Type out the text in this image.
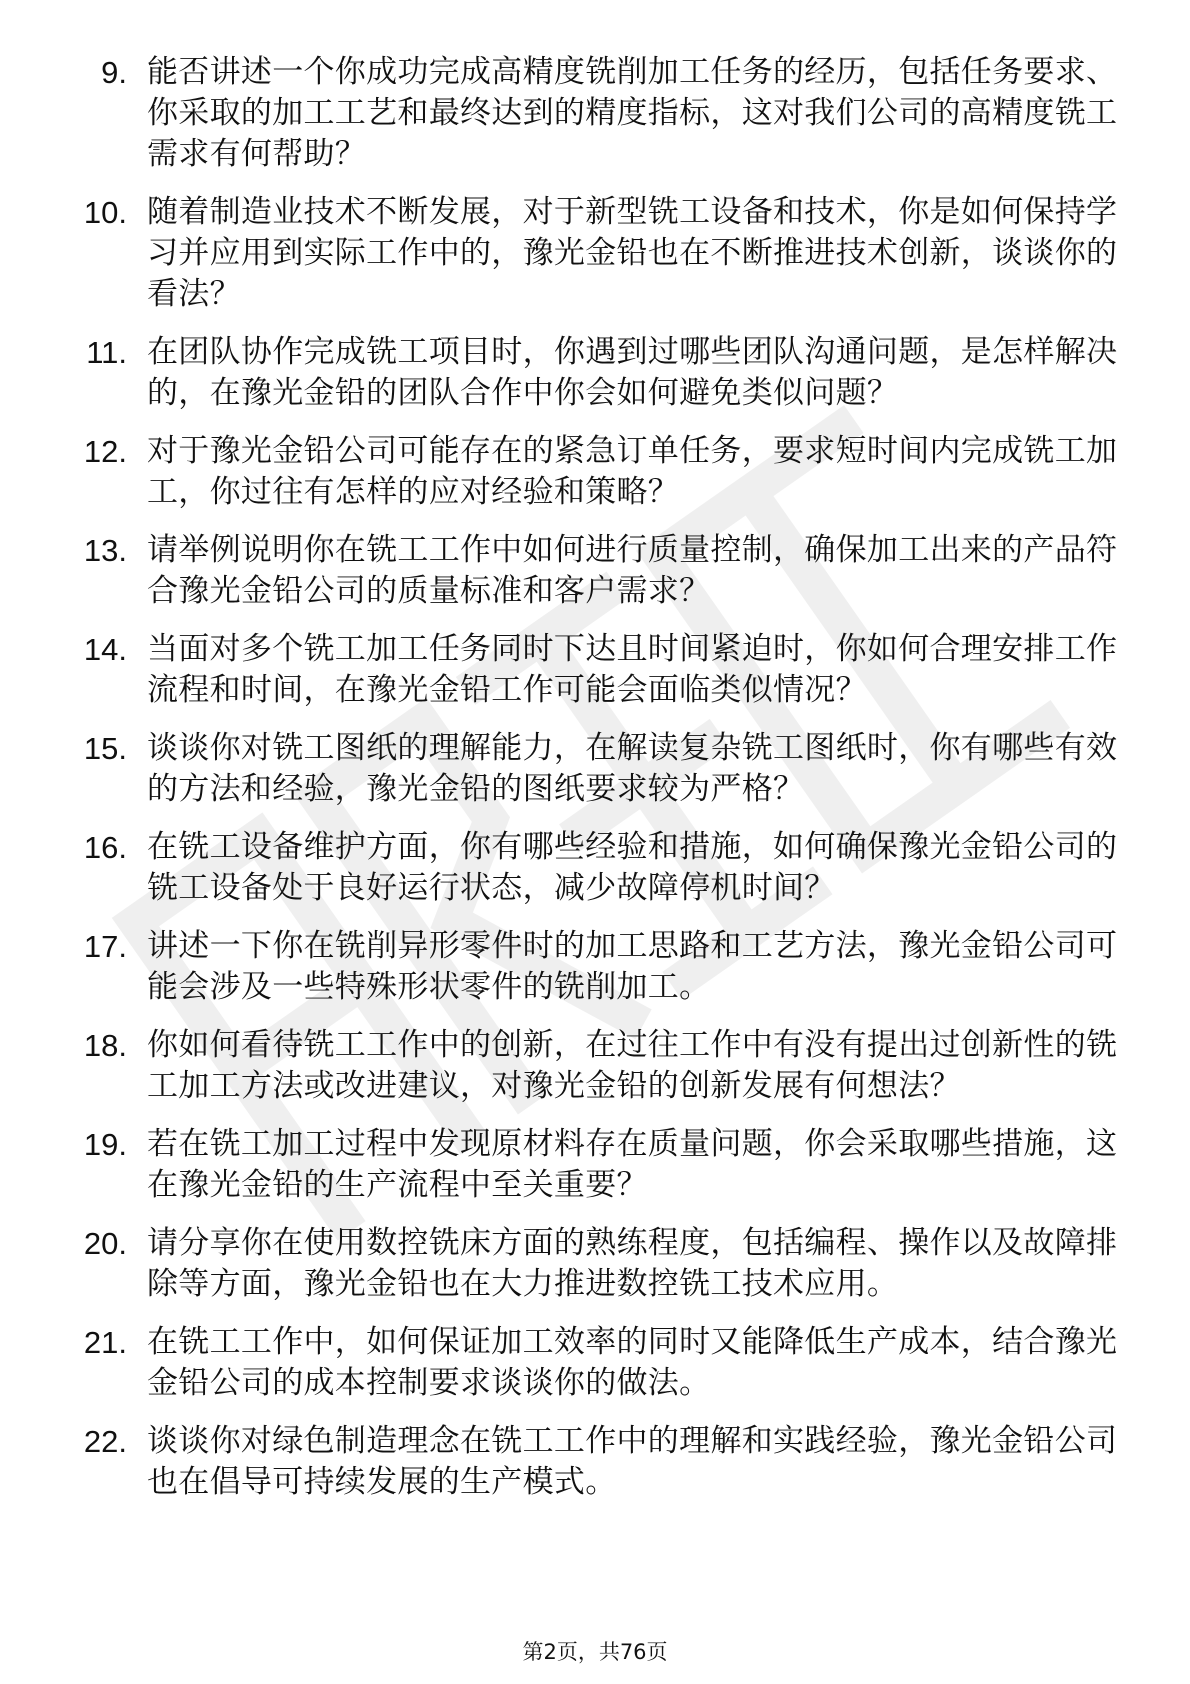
9. 能否讲述一个你成功完成高精度铣削加工任务的经历，包括任务要求、你采取的加工工艺和最终达到的精度指标，这对我们公司的高精度铣工需求有何帮助？
10. 随着制造业技术不断发展，对于新型铣工设备和技术，你是如何保持学习并应用到实际工作中的，豫光金铅也在不断推进技术创新，谈谈你的看法？
11. 在团队协作完成铣工项目时，你遇到过哪些团队沟通问题，是怎样解决的，在豫光金铅的团队合作中你会如何避免类似问题？
12. 对于豫光金铅公司可能存在的紧急订单任务，要求短时间内完成铣工加工，你过往有怎样的应对经验和策略？
13. 请举例说明你在铣工工作中如何进行质量控制，确保加工出来的产品符合豫光金铅公司的质量标准和客户需求？
14. 当面对多个铣工加工任务同时下达且时间紧迫时，你如何合理安排工作流程和时间，在豫光金铅工作可能会面临类似情况？
15. 谈谈你对铣工图纸的理解能力，在解读复杂铣工图纸时，你有哪些有效的方法和经验，豫光金铅的图纸要求较为严格？
16. 在铣工设备维护方面，你有哪些经验和措施，如何确保豫光金铅公司的铣工设备处于良好运行状态，减少故障停机时间？
17. 讲述一下你在铣削异形零件时的加工思路和工艺方法，豫光金铅公司可能会涉及一些特殊形状零件的铣削加工。
18. 你如何看待铣工工作中的创新，在过往工作中有没有提出过创新性的铣工加工方法或改进建议，对豫光金铅的创新发展有何想法？
19. 若在铣工加工过程中发现原材料存在质量问题，你会采取哪些措施，这在豫光金铅的生产流程中至关重要？
20. 请分享你在使用数控铣床方面的熟练程度，包括编程、操作以及故障排除等方面，豫光金铅也在大力推进数控铣工技术应用。
21. 在铣工工作中，如何保证加工效率的同时又能降低生产成本，结合豫光金铅公司的成本控制要求谈谈你的做法。
22. 谈谈你对绿色制造理念在铣工工作中的理解和实践经验，豫光金铅公司也在倡导可持续发展的生产模式。
第2页，共76页
